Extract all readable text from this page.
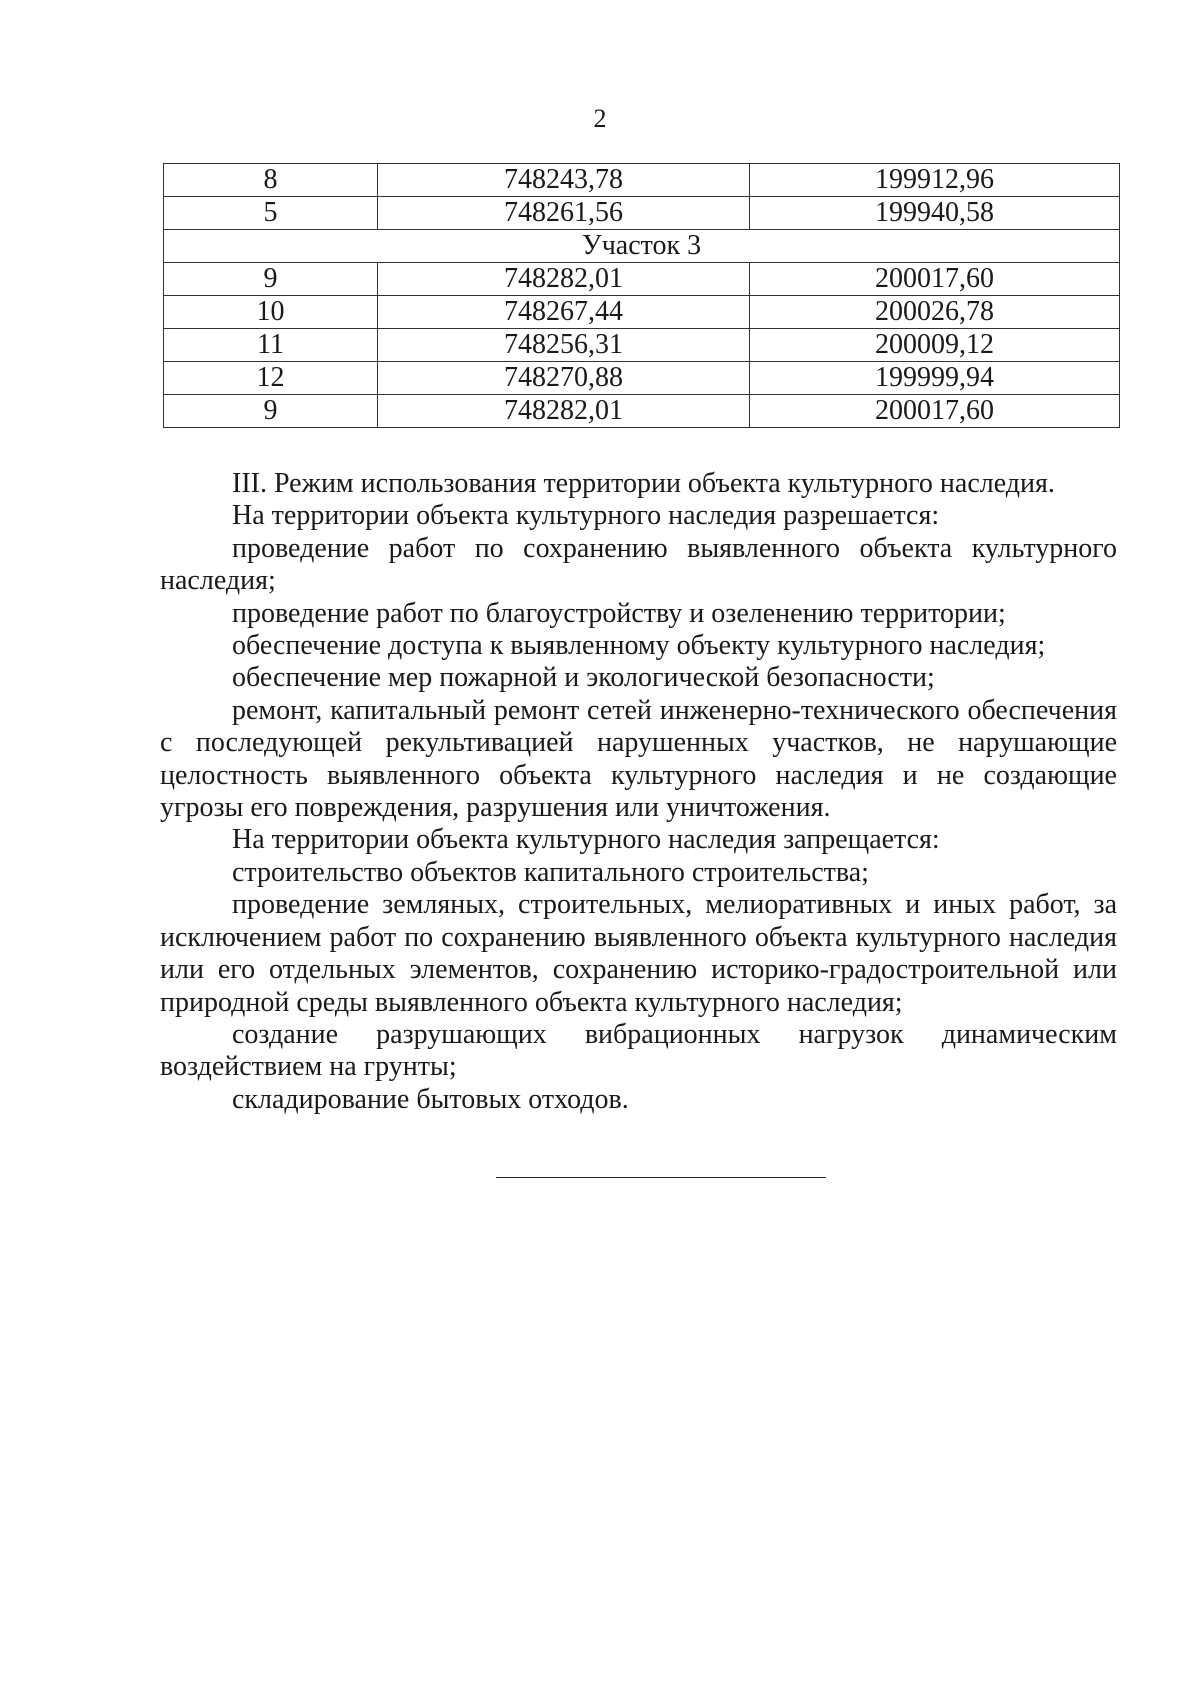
2
8	748243,78	199912,96
5	748261,56	199940,58
Участок 3		
9	748282,01	200017,60
10	748267,44	200026,78
11	748256,31	200009,12
12	748270,88	199999,94
9	748282,01	200017,60

III. Режим использования территории объекта культурного наследия.

На территории объекта культурного наследия разрешается:

проведение работ по сохранению выявленного объекта культурного наследия;

проведение работ по благоустройству и озеленению территории;

обеспечение доступа к выявленному объекту культурного наследия;

обеспечение мер пожарной и экологической безопасности;

ремонт, капитальный ремонт сетей инженерно-технического обеспечения с последующей рекультивацией нарушенных участков, не нарушающие целостность выявленного объекта культурного наследия и не создающие угрозы его повреждения, разрушения или уничтожения.

На территории объекта культурного наследия запрещается:

строительство объектов капитального строительства;

проведение земляных, строительных, мелиоративных и иных работ, за исключением работ по сохранению выявленного объекта культурного наследия или его отдельных элементов, сохранению историко-градостроительной или природной среды выявленного объекта культурного наследия;

создание разрушающих вибрационных нагрузок динамическим воздействием на грунты;

складирование бытовых отходов.
